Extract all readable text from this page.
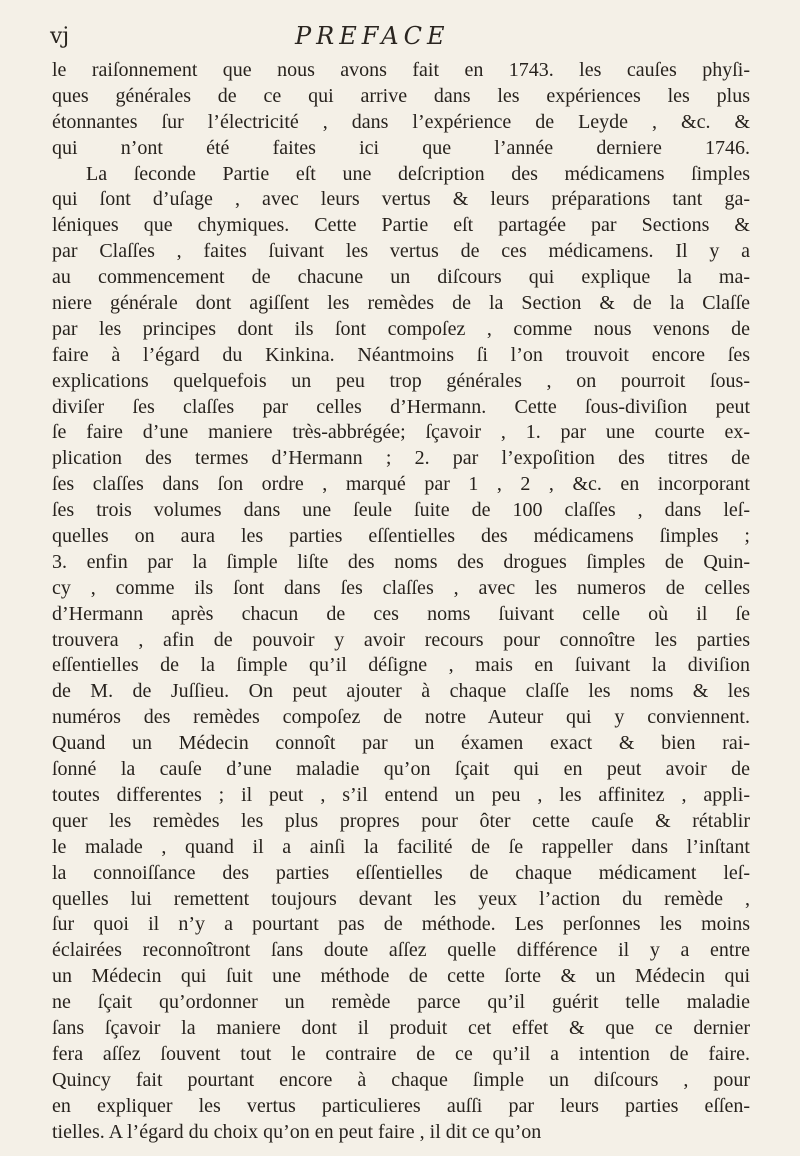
vj	PREFACE
le raiſonnement que nous avons fait en 1743. les cauſes phyſi-
ques générales de ce qui arrive dans les expériences les plus
étonnantes ſur l’électricité , dans l’expérience de Leyde , &c. &
qui n’ont été faites ici que l’année derniere 1746.
La ſeconde Partie eſt une deſcription des médicamens ſimples
qui ſont d’uſage , avec leurs vertus & leurs préparations tant ga-
léniques que chymiques. Cette Partie eſt partagée par Sections &
par Claſſes , faites ſuivant les vertus de ces médicamens. Il y a
au commencement de chacune un diſcours qui explique la ma-
niere générale dont agiſſent les remèdes de la Section & de la Claſſe
par les principes dont ils ſont compoſez , comme nous venons de
faire à l’égard du Kinkina. Néantmoins ſi l’on trouvoit encore ſes
explications quelquefois un peu trop générales , on pourroit ſous-
diviſer ſes claſſes par celles d’Hermann. Cette ſous-diviſion peut
ſe faire d’une maniere très-abbrégée; ſçavoir , 1. par une courte ex-
plication des termes d’Hermann ; 2. par l’expoſition des titres de
ſes claſſes dans ſon ordre , marqué par 1 , 2 , &c. en incorporant
ſes trois volumes dans une ſeule ſuite de 100 claſſes , dans leſ-
quelles on aura les parties eſſentielles des médicamens ſimples ;
3. enfin par la ſimple liſte des noms des drogues ſimples de Quin-
cy , comme ils ſont dans ſes claſſes , avec les numeros de celles
d’Hermann après chacun de ces noms ſuivant celle où il ſe
trouvera , afin de pouvoir y avoir recours pour connoître les parties
eſſentielles de la ſimple qu’il déſigne , mais en ſuivant la diviſion
de M. de Juſſieu. On peut ajouter à chaque claſſe les noms & les
numéros des remèdes compoſez de notre Auteur qui y conviennent.
Quand un Médecin connoît par un éxamen exact & bien rai-
ſonné la cauſe d’une maladie qu’on ſçait qui en peut avoir de
toutes differentes ; il peut , s’il entend un peu , les affinitez , appli-
quer les remèdes les plus propres pour ôter cette cauſe & rétablir
le malade , quand il a ainſi la facilité de ſe rappeller dans l’inſtant
la connoiſſance des parties eſſentielles de chaque médicament leſ-
quelles lui remettent toujours devant les yeux l’action du remède ,
ſur quoi il n’y a pourtant pas de méthode. Les perſonnes les moins
éclairées reconnoîtront ſans doute aſſez quelle différence il y a entre
un Médecin qui ſuit une méthode de cette ſorte & un Médecin qui
ne ſçait qu’ordonner un remède parce qu’il guérit telle maladie
ſans ſçavoir la maniere dont il produit cet effet & que ce dernier
fera aſſez ſouvent tout le contraire de ce qu’il a intention de faire.
Quincy fait pourtant encore à chaque ſimple un diſcours , pour
en expliquer les vertus particulieres auſſi par leurs parties eſſen-
tielles. A l’égard du choix qu’on en peut faire , il dit ce qu’on
